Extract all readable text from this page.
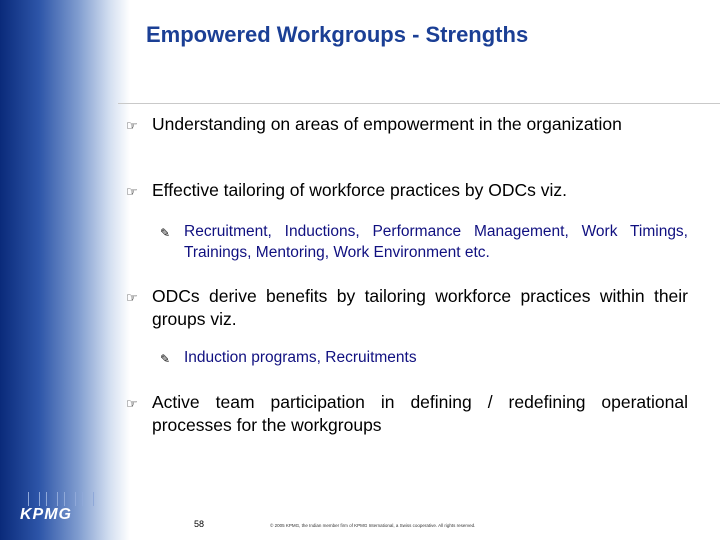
Empowered Workgroups - Strengths
☞ Understanding on areas of empowerment in the organization
☞ Effective tailoring of workforce practices by ODCs viz.
✎ Recruitment, Inductions, Performance Management, Work Timings, Trainings, Mentoring, Work Environment etc.
☞ ODCs derive benefits by tailoring workforce practices within their groups viz.
✎ Induction programs, Recruitments
☞ Active team participation in defining / redefining operational processes for the workgroups
KPMG
58	© 2005 KPMG, the Indian member firm of KPMG International, a Swiss cooperative. All rights reserved.
